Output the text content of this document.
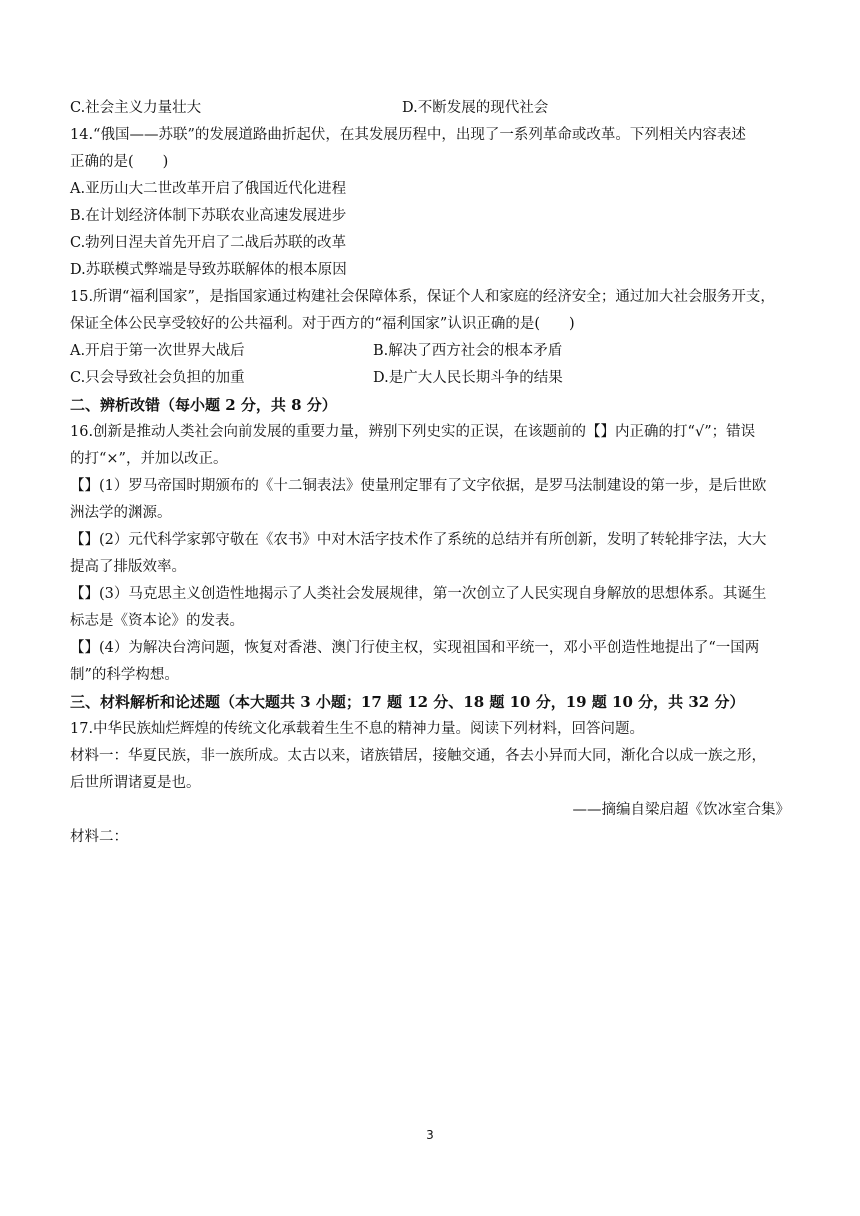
C.社会主义力量壮大	D.不断发展的现代社会
14.“俄国——苏联”的发展道路曲折起伏，在其发展历程中，出现了一系列革命或改革。下列相关内容表述
正确的是(　　)
A.亚历山大二世改革开启了俄国近代化进程
B.在计划经济体制下苏联农业高速发展进步
C.勃列日涅夫首先开启了二战后苏联的改革
D.苏联模式弊端是导致苏联解体的根本原因
15.所谓“福利国家”，是指国家通过构建社会保障体系，保证个人和家庭的经济安全；通过加大社会服务开支，
保证全体公民享受较好的公共福利。对于西方的“福利国家”认识正确的是(　　)
A.开启于第一次世界大战后	B.解决了西方社会的根本矛盾
C.只会导致社会负担的加重	D.是广大人民长期斗争的结果
二、辨析改错（每小题 2 分，共 8 分）
16.创新是推动人类社会向前发展的重要力量，辨别下列史实的正误，在该题前的【】内正确的打“√”；错误
的打“×”，并加以改正。
【】(1）罗马帝国时期颁布的《十二铜表法》使量刑定罪有了文字依据，是罗马法制建设的第一步，是后世欧
洲法学的渊源。
【】(2）元代科学家郭守敬在《农书》中对木活字技术作了系统的总结并有所创新，发明了转轮排字法，大大
提高了排版效率。
【】(3）马克思主义创造性地揭示了人类社会发展规律，第一次创立了人民实现自身解放的思想体系。其诞生
标志是《资本论》的发表。
【】(4）为解决台湾问题，恢复对香港、澳门行使主权，实现祖国和平统一，邓小平创造性地提出了“一国两
制”的科学构想。
三、材料解析和论述题（本大题共 3 小题；17 题 12 分、18 题 10 分，19 题 10 分，共 32 分）
17.中华民族灿烂辉煌的传统文化承载着生生不息的精神力量。阅读下列材料，回答问题。
材料一：华夏民族，非一族所成。太古以来，诸族错居，接触交通，各去小异而大同，渐化合以成一族之形，
后世所谓诸夏是也。
——摘编自梁启超《饮冰室合集》
材料二：
3
